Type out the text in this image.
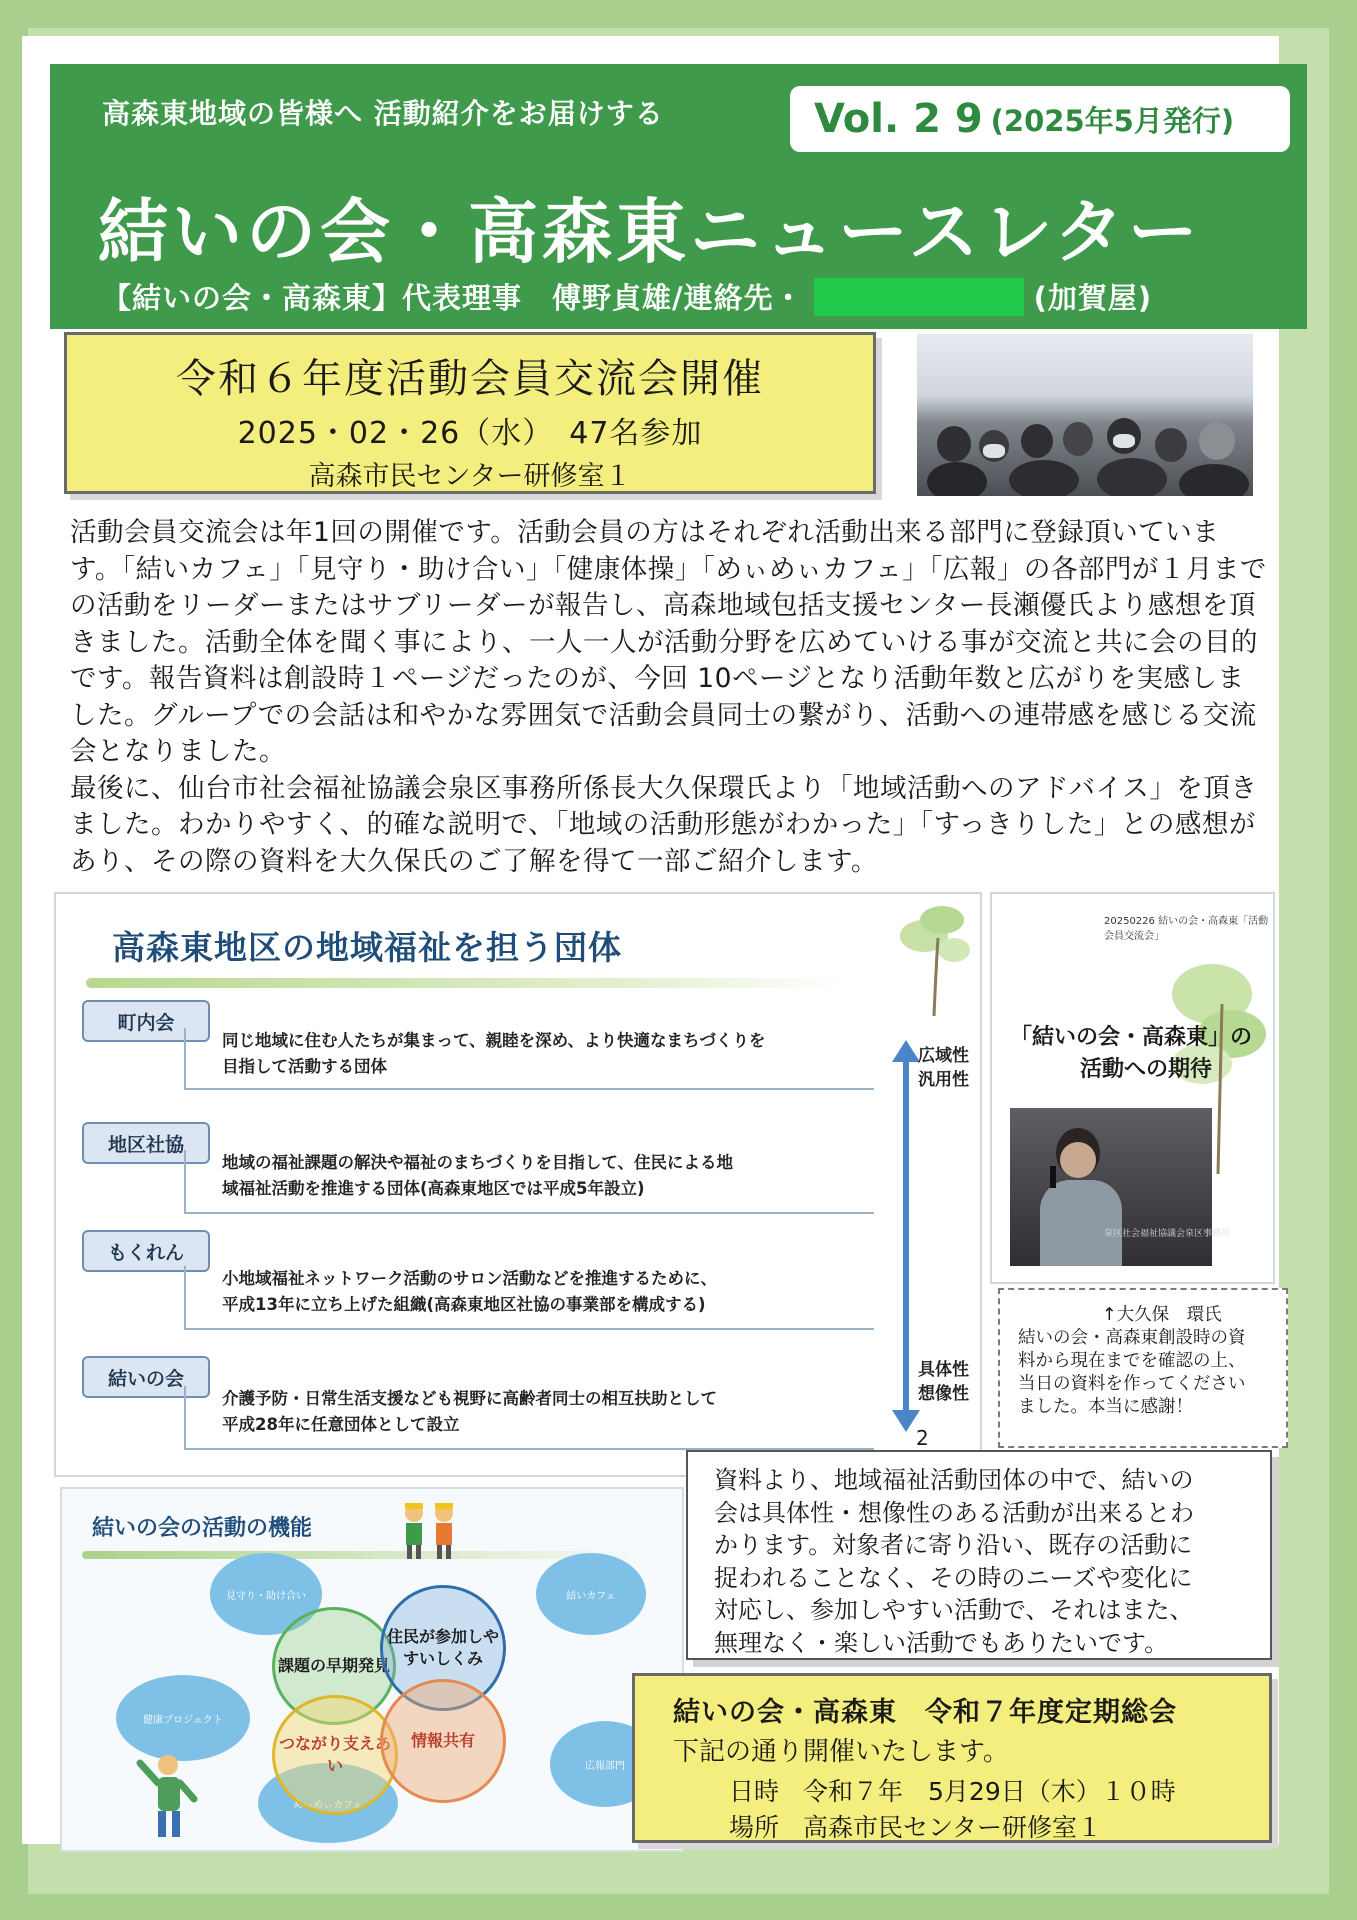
高森東地域の皆様へ 活動紹介をお届けする	Vol. 2 9 (2025年5月発行)
結いの会・高森東ニュースレター
【結いの会・高森東】代表理事　傅野貞雄/連絡先・	(加賀屋)
令和６年度活動会員交流会開催
2025・02・26（水）　47名参加
高森市民センター研修室１

活動会員交流会は年1回の開催です。活動会員の方はそれぞれ活動出来る部門に登録頂いています。「結いカフェ」「見守り・助け合い」「健康体操」「めぃめぃカフェ」「広報」の各部門が１月までの活動をリーダーまたはサブリーダーが報告し、高森地域包括支援センター長瀬優氏より感想を頂きました。活動全体を聞く事により、一人一人が活動分野を広めていける事が交流と共に会の目的です。報告資料は創設時１ページだったのが、今回 10ページとなり活動年数と広がりを実感しました。グループでの会話は和やかな雰囲気で活動会員同士の繋がり、活動への連帯感を感じる交流会となりました。

最後に、仙台市社会福祉協議会泉区事務所係長大久保環氏より「地域活動へのアドバイス」を頂きました。わかりやすく、的確な説明で、「地域の活動形態がわかった」「すっきりした」との感想があり、その際の資料を大久保氏のご了解を得て一部ご紹介します。

高森東地区の地域福祉を担う団体
町内会
同じ地域に住む人たちが集まって、親睦を深め、より快適なまちづくりを
目指して活動する団体
地区社協
地域の福祉課題の解決や福祉のまちづくりを目指して、住民による地
域福祉活動を推進する団体(高森東地区では平成5年設立)
もくれん
小地域福祉ネットワーク活動のサロン活動などを推進するために、
平成13年に立ち上げた組織(高森東地区社協の事業部を構成する)
結いの会
介護予防・日常生活支援なども視野に高齢者同士の相互扶助として
平成28年に任意団体として設立
広域性
汎用性
具体性
想像性
2
20250226 結いの会・高森東「活動会員交流会」
「結いの会・高森東」の
活動への期待
泉区社会福祉協議会泉区事務所
↑大久保　環氏
結いの会・高森東創設時の資
料から現在までを確認の上、
当日の資料を作ってください
ました。本当に感謝！
結いの会の活動の機能
見守り・助け合い	結いカフェ
健康プロジェクト
広報部門
めぃめぃカフェ
課題の早期発見
住民が参加しやすいしくみ
つながり支えあい
情報共有
資料より、地域福祉活動団体の中で、結いの
会は具体性・想像性のある活動が出来るとわ
かります。対象者に寄り沿い、既存の活動に
捉われることなく、その時のニーズや変化に
対応し、参加しやすい活動で、それはまた、
無理なく・楽しい活動でもありたいです。
結いの会・高森東　令和７年度定期総会
下記の通り開催いたします。
日時 令和７年　5月29日（木）１０時
場所 高森市民センター研修室１
